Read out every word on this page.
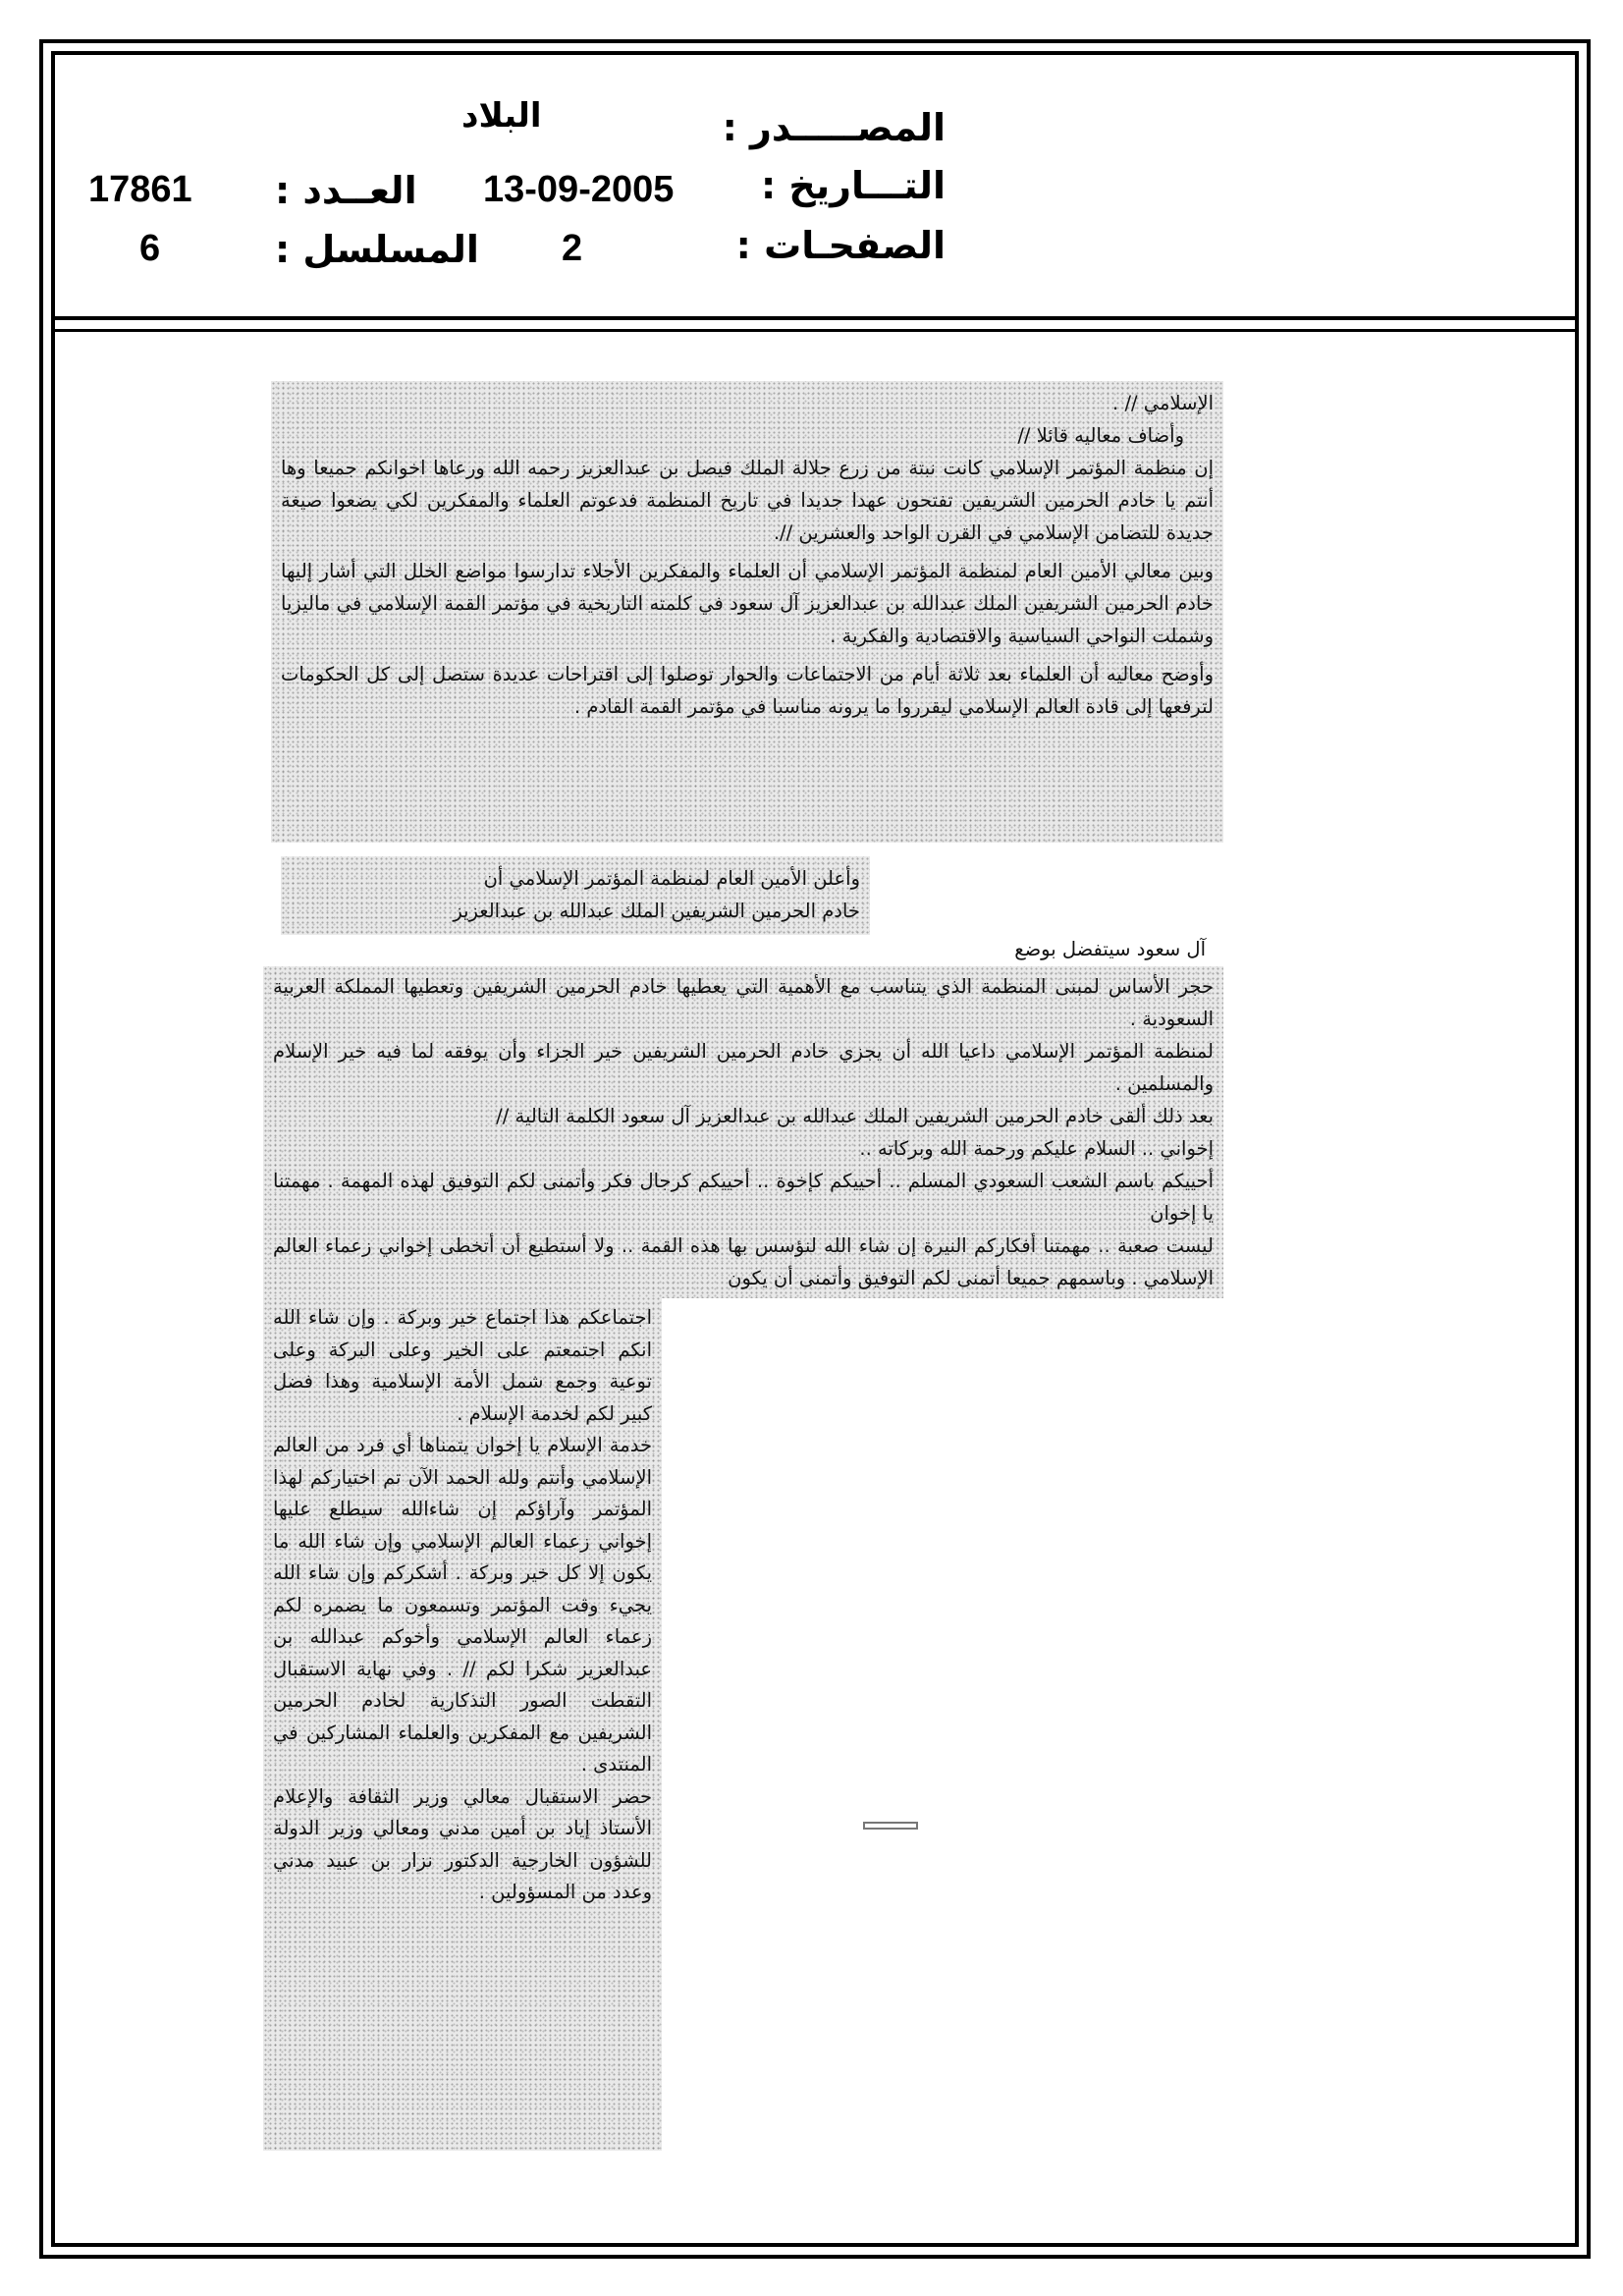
المصـــــدر :
البلاد
التـــاريخ :
13-09-2005
العــدد :
17861
الصفحـات :
2
المسلسل :
6

الإسلامي // .

وأضاف معاليه قائلا //

إن منظمة المؤتمر الإسلامي كانت نبتة من زرع جلالة الملك فيصل بن عبدالعزيز رحمه الله ورعاها اخوانكم جميعا وها أنتم يا خادم الحرمين الشريفين تفتحون عهدا جديدا في تاريخ المنظمة فدعوتم العلماء والمفكرين لكي يضعوا صيغة جديدة للتضامن الإسلامي في القرن الواحد والعشرين //.

وبين معالي الأمين العام لمنظمة المؤتمر الإسلامي أن العلماء والمفكرين الأجلاء تدارسوا مواضع الخلل التي أشار إليها خادم الحرمين الشريفين الملك عبدالله بن عبدالعزيز آل سعود في كلمته التاريخية في مؤتمر القمة الإسلامي في ماليزيا وشملت النواحي السياسية والاقتصادية والفكرية .

وأوضح معاليه أن العلماء بعد ثلاثة أيام من الاجتماعات والحوار توصلوا إلى اقتراحات عديدة ستصل إلى كل الحكومات لترفعها إلى قادة العالم الإسلامي ليقرروا ما يرونه مناسبا في مؤتمر القمة القادم .

وأعلن الأمين العام لمنظمة المؤتمر الإسلامي أن

خادم الحرمين الشريفين الملك عبدالله بن عبدالعزيز

آل سعود سيتفضل بوضع

حجر الأساس لمبنى المنظمة الذي يتناسب مع الأهمية التي يعطيها خادم الحرمين الشريفين وتعطيها المملكة العربية السعودية .

لمنظمة المؤتمر الإسلامي داعيا الله أن يجزي خادم الحرمين الشريفين خير الجزاء وأن يوفقه لما فيه خير الإسلام والمسلمين .

بعد ذلك ألقى خادم الحرمين الشريفين الملك عبدالله بن عبدالعزيز آل سعود الكلمة التالية //

إخواني .. السلام عليكم ورحمة الله وبركاته ..

أحييكم باسم الشعب السعودي المسلم .. أحييكم كإخوة .. أحييكم كرجال فكر وأتمنى لكم التوفيق لهذه المهمة . مهمتنا يا إخوان

ليست صعبة .. مهمتنا أفكاركم النيرة إن شاء الله لنؤسس بها هذه القمة .. ولا أستطيع أن أتخطى إخواني زعماء العالم الإسلامي . وباسمهم جميعا أتمنى لكم التوفيق وأتمنى أن يكون

اجتماعكم هذا اجتماع خير وبركة . وإن شاء الله انكم اجتمعتم على الخير وعلى البركة وعلى توعية وجمع شمل الأمة الإسلامية وهذا فضل كبير لكم لخدمة الإسلام .

خدمة الإسلام يا إخوان يتمناها أي فرد من العالم الإسلامي وأنتم ولله الحمد الآن تم اختياركم لهذا المؤتمر وآراؤكم إن شاءالله سيطلع عليها إخواني زعماء العالم الإسلامي وإن شاء الله ما يكون إلا كل خير وبركة . أشكركم وإن شاء الله يجيء وقت المؤتمر وتسمعون ما يضمره لكم زعماء العالم الإسلامي وأخوكم عبدالله بن عبدالعزيز شكرا لكم // . وفي نهاية الاستقبال التقطت الصور التذكارية لخادم الحرمين الشريفين مع المفكرين والعلماء المشاركين في المنتدى .

حضر الاستقبال معالي وزير الثقافة والإعلام الأستاذ إياد بن أمين مدني ومعالي وزير الدولة للشؤون الخارجية الدكتور نزار بن عبيد مدني وعدد من المسؤولين .
